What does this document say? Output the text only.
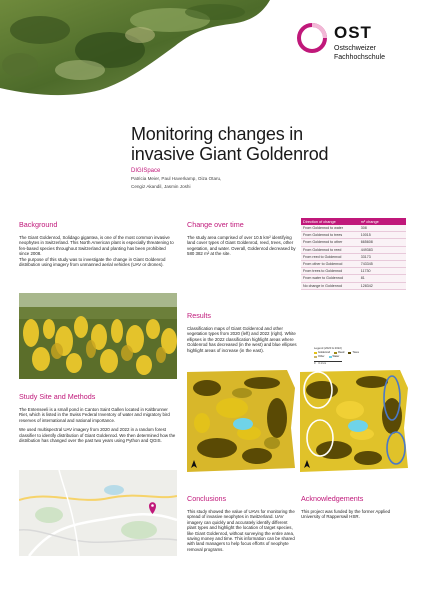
OST
Ostschweizer
Fachhochschule
Monitoring changes in
invasive Giant Goldenrod
DIGISpace
Patricia Meier, Paul Haverkamp, Oiza Otaru,
Cengiz Akandil, Jasmin Joshi
Background

The Giant Goldenrod, Solidago gigantea, is one of the most common invasive neophytes in Switzerland. This North American plant is especially threatening to fen-based species throughout Switzerland and planting has been prohibited since 2008.

The purpose of this study was to investigate the change in Giant Goldenrod distribution using imagery from unmanned aerial vehicles (UAV or drones).

Study Site and Methods

The Entenseeli is a small pond in Canton Saint Gallen located in Kaltbrunner Riet, which is listed in the Swiss Federal Inventory of water and migratory bird reserves of international and national importance.

We used multispectral UAV imagery from 2020 and 2022 in a random forest classifier to identify distribution of Giant Goldenrod. We then determined how the distribution has changed over the past two years using Python and QGIS.

Change over time

The study area comprised of over 10.5 km² identifying land cover types of Giant Goldenrod, reed, trees, other vegetation, and water. Overall, Goldenrod decreased by 580 382 m² at the site.

Direction of change	m² change
From Goldenrod to water	308
From Goldenrod to trees	10015
From Goldenrod to other	665608
From Goldenrod to reed	449383
From reed to Goldenrod	33173
From other to Goldenrod	743345
From trees to Goldenrod	11730
From water to Goldenrod	81
No change in Goldenrod	128342
Results

Classification maps of Giant Goldenrod and other vegetation types from 2020 (left) and 2022 (right). White ellipses in the 2022 classification highlight areas where Goldenrod has decreased (in the west) and blue ellipses highlight areas of increase (in the east).	Legend (2020 & 2022)
Goldenrod	Reed	Trees
Other	Water
0    0.1 km
Conclusions

This study showed the value of UAVs for monitoring the spread of invasive neophytes in Switzerland. UAV imagery can quickly and accurately identify different plant types and highlight the location of target species, like Giant Goldenrod, without surveying the entire area, saving money and time. This information can be shared with land managers to help focus efforts of neophyte removal programs.

Acknowledgements

This project was funded by the former Applied University of Rapperswil HSR.
